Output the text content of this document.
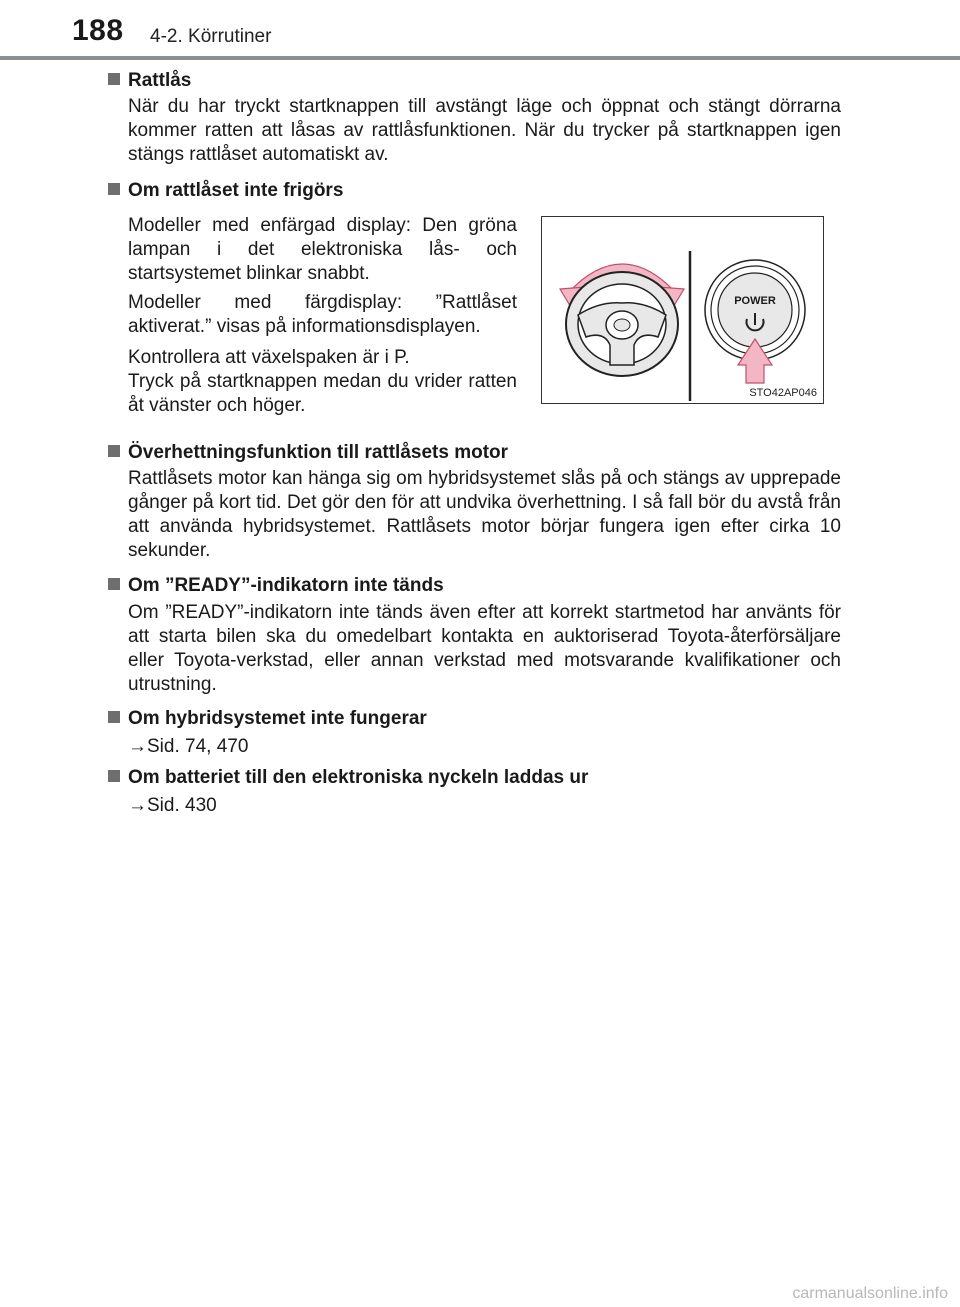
188 4-2. Körrutiner
Rattlås
När du har tryckt startknappen till avstängt läge och öppnat och stängt dörrarna kommer ratten att låsas av rattlåsfunktionen. När du trycker på startknappen igen stängs rattlåset automatiskt av.
Om rattlåset inte frigörs
Modeller med enfärgad display: Den gröna lampan i det elektroniska lås- och startsystemet blinkar snabbt.
Modeller med färgdisplay: ”Rattlåset aktiverat.” visas på informationsdisplayen.
Kontrollera att växelspaken är i P.
Tryck på startknappen medan du vrider ratten åt vänster och höger.
POWER
STO42AP046
Överhettningsfunktion till rattlåsets motor
Rattlåsets motor kan hänga sig om hybridsystemet slås på och stängs av upprepade gånger på kort tid. Det gör den för att undvika överhettning. I så fall bör du avstå från att använda hybridsystemet. Rattlåsets motor börjar fungera igen efter cirka 10 sekunder.
Om ”READY”-indikatorn inte tänds
Om ”READY”-indikatorn inte tänds även efter att korrekt startmetod har använts för att starta bilen ska du omedelbart kontakta en auktoriserad Toyota-återförsäljare eller Toyota-verkstad, eller annan verkstad med motsvarande kvalifikationer och utrustning.
Om hybridsystemet inte fungerar
→Sid. 74, 470
Om batteriet till den elektroniska nyckeln laddas ur
→Sid. 430
carmanualsonline.info
